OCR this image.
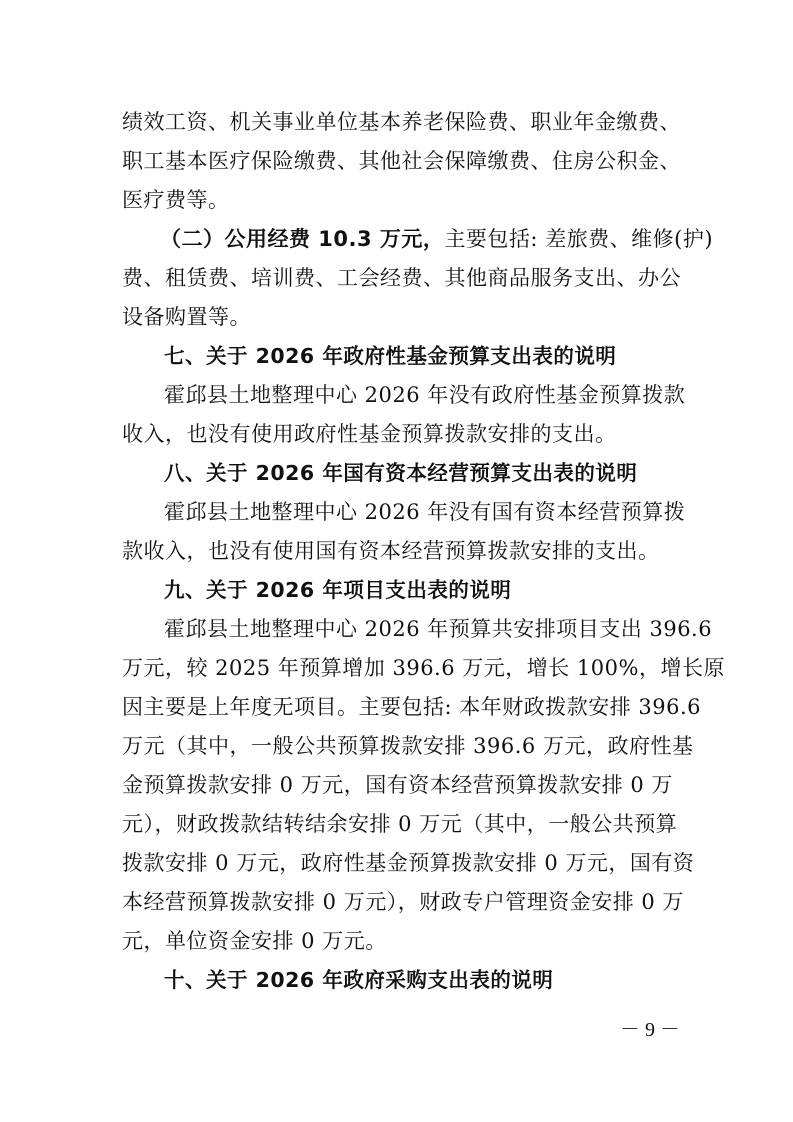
绩效工资、机关事业单位基本养老保险费、职业年金缴费、
职工基本医疗保险缴费、其他社会保障缴费、住房公积金、
医疗费等。
（二）公用经费 10.3 万元，主要包括: 差旅费、维修(护)
费、租赁费、培训费、工会经费、其他商品服务支出、办公
设备购置等。
七、关于 2026 年政府性基金预算支出表的说明
霍邱县土地整理中心 2026 年没有政府性基金预算拨款
收入，也没有使用政府性基金预算拨款安排的支出。
八、关于 2026 年国有资本经营预算支出表的说明
霍邱县土地整理中心 2026 年没有国有资本经营预算拨
款收入，也没有使用国有资本经营预算拨款安排的支出。
九、关于 2026 年项目支出表的说明
霍邱县土地整理中心 2026 年预算共安排项目支出 396.6
万元，较 2025 年预算增加 396.6 万元，增长 100%，增长原
因主要是上年度无项目。主要包括: 本年财政拨款安排 396.6
万元（其中，一般公共预算拨款安排 396.6 万元，政府性基
金预算拨款安排 0 万元，国有资本经营预算拨款安排 0 万
元），财政拨款结转结余安排 0 万元（其中，一般公共预算
拨款安排 0 万元，政府性基金预算拨款安排 0 万元，国有资
本经营预算拨款安排 0 万元），财政专户管理资金安排 0 万
元，单位资金安排 0 万元。
十、关于 2026 年政府采购支出表的说明
－ 9 －
